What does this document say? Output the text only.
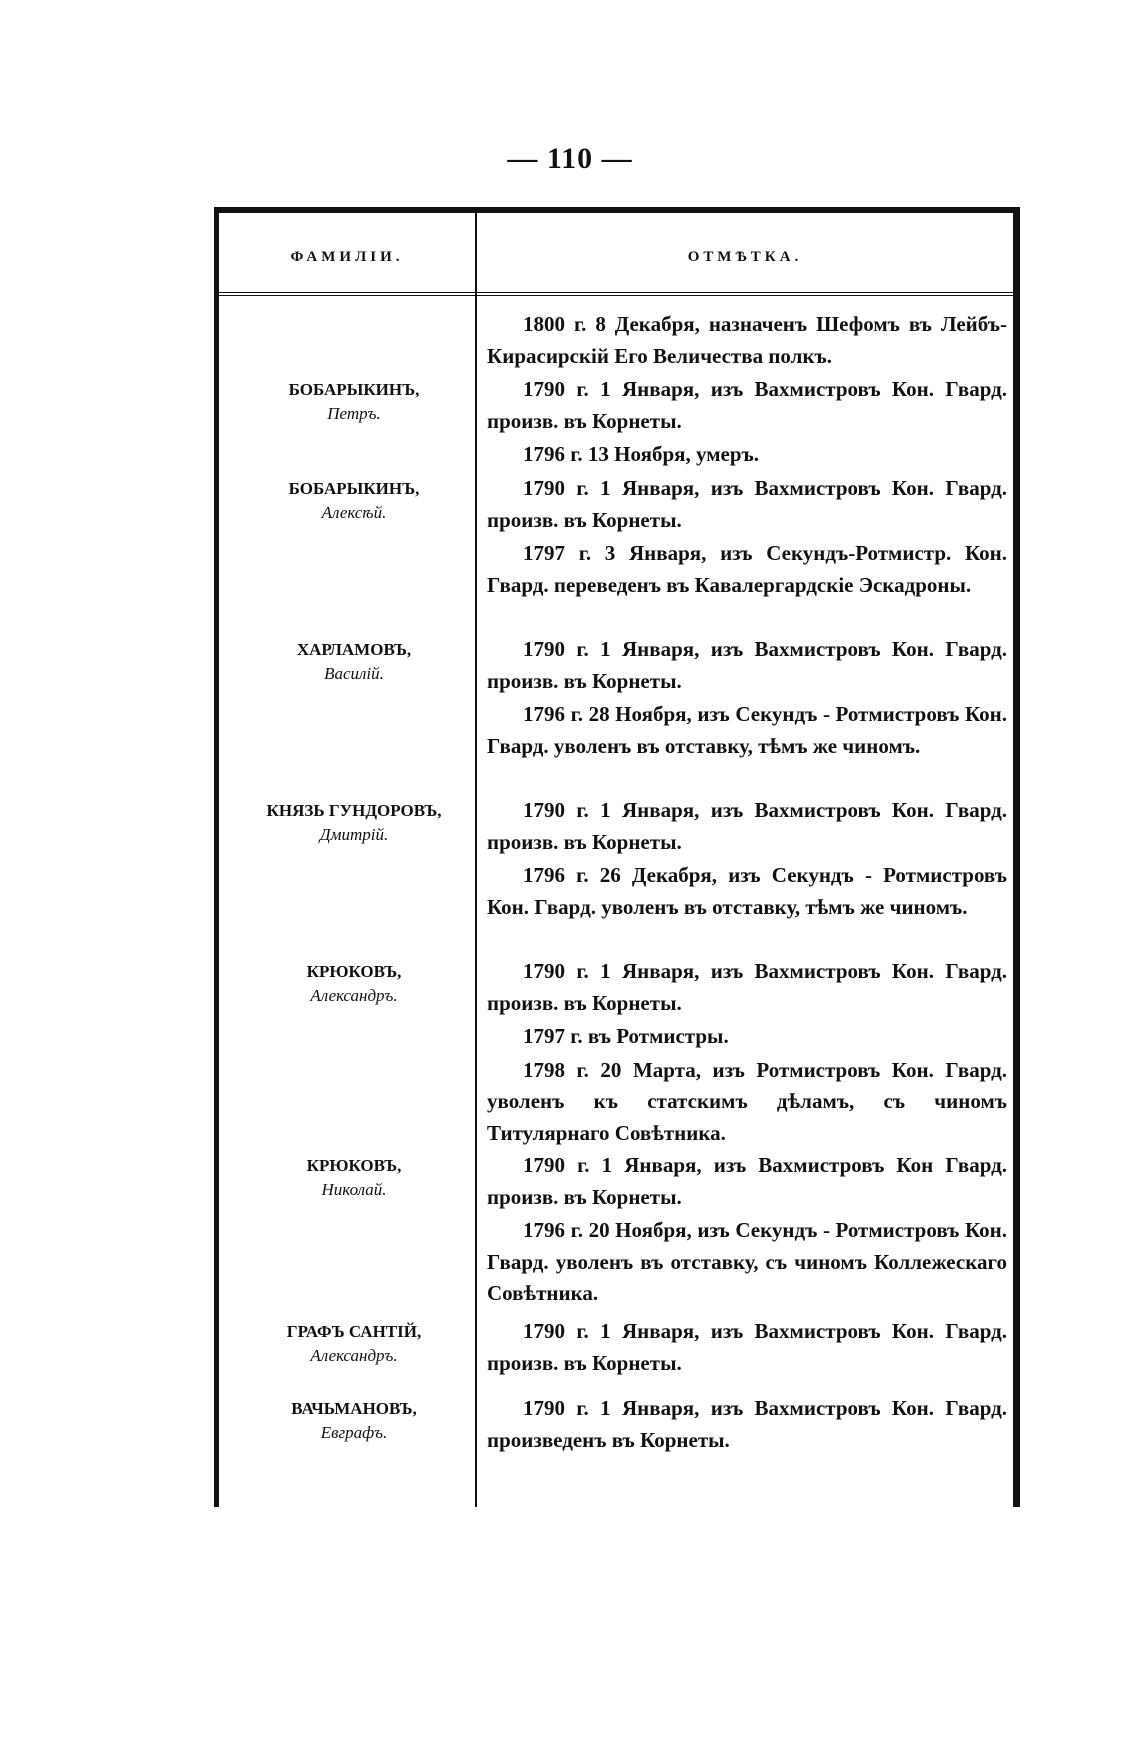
— 110 —
ФАМИЛІИ.	ОТМѢТКА.

1800 г. 8 Декабря, назначенъ Шефомъ въ Лейбъ-Кирасирскій Его Величества полкъ.

БОБАРЫКИНЪ,
Петръ.

1790 г. 1 Января, изъ Вахмистровъ Кон. Гвард. произв. въ Корнеты.

1796 г. 13 Ноября, умеръ.

БОБАРЫКИНЪ,
Алексѣй.

1790 г. 1 Января, изъ Вахмистровъ Кон. Гвард. произв. въ Корнеты.

1797 г. 3 Января, изъ Секундъ-Ротмистр. Кон. Гвард. переведенъ въ Кавалергардскіе Эскадроны.

ХАРЛАМОВЪ,
Василій.

1790 г. 1 Января, изъ Вахмистровъ Кон. Гвард. произв. въ Корнеты.

1796 г. 28 Ноября, изъ Секундъ - Ротмистровъ Кон. Гвард. уволенъ въ отставку, тѣмъ же чиномъ.

КНЯЗЬ ГУНДОРОВЪ,
Дмитрій.

1790 г. 1 Января, изъ Вахмистровъ Кон. Гвард. произв. въ Корнеты.

1796 г. 26 Декабря, изъ Секундъ - Ротмистровъ Кон. Гвард. уволенъ въ отставку, тѣмъ же чиномъ.

КРЮКОВЪ,
Александръ.

1790 г. 1 Января, изъ Вахмистровъ Кон. Гвард. произв. въ Корнеты.

1797 г. въ Ротмистры.

1798 г. 20 Марта, изъ Ротмистровъ Кон. Гвард. уволенъ къ статскимъ дѣламъ, съ чиномъ Титулярнаго Совѣтника.

КРЮКОВЪ,
Николай.

1790 г. 1 Января, изъ Вахмистровъ Кон Гвард. произв. въ Корнеты.

1796 г. 20 Ноября, изъ Секундъ - Ротмистровъ Кон. Гвард. уволенъ въ отставку, съ чиномъ Коллежескаго Совѣтника.

ГРАФЪ САНТІЙ,
Александръ.

1790 г. 1 Января, изъ Вахмистровъ Кон. Гвард. произв. въ Корнеты.

ВАЧЬМАНОВЪ,
Евграфъ.

1790 г. 1 Января, изъ Вахмистровъ Кон. Гвард. произведенъ въ Корнеты.
